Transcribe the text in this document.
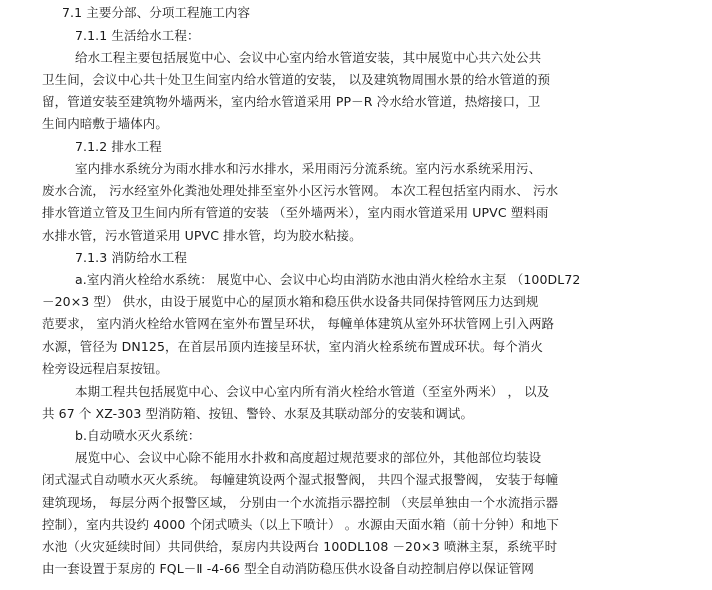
7.1 主要分部、分项工程施工内容
7.1.1 生活给水工程：
给水工程主要包括展览中心、会议中心室内给水管道安装，其中展览中心共六处公共
卫生间，会议中心共十处卫生间室内给水管道的安装， 以及建筑物周围水景的给水管道的预
留，管道安装至建筑物外墙两米，室内给水管道采用 PP－R 冷水给水管道，热熔接口，卫
生间内暗敷于墙体内。
7.1.2 排水工程
室内排水系统分为雨水排水和污水排水，采用雨污分流系统。室内污水系统采用污、
废水合流， 污水经室外化粪池处理处排至室外小区污水管网。 本次工程包括室内雨水、 污水
排水管道立管及卫生间内所有管道的安装 （至外墙两米），室内雨水管道采用 UPVC 塑料雨
水排水管，污水管道采用 UPVC 排水管，均为胶水粘接。
7.1.3 消防给水工程
a.室内消火栓给水系统： 展览中心、会议中心均由消防水池由消火栓给水主泵 （100DL72
－20×3 型） 供水，由设于展览中心的屋顶水箱和稳压供水设备共同保持管网压力达到规
范要求， 室内消火栓给水管网在室外布置呈环状， 每幢单体建筑从室外环状管网上引入两路
水源，管径为 DN125，在首层吊顶内连接呈环状，室内消火栓系统布置成环状。每个消火
栓旁设远程启泵按钮。
本期工程共包括展览中心、会议中心室内所有消火栓给水管道（至室外两米） ， 以及
共 67 个 XZ-303 型消防箱、按钮、警铃、水泵及其联动部分的安装和调试。
b.自动喷水灭火系统：
展览中心、会议中心除不能用水扑救和高度超过规范要求的部位外，其他部位均装设
闭式湿式自动喷水灭火系统。 每幢建筑设两个湿式报警阀， 共四个湿式报警阀， 安装于每幢
建筑现场， 每层分两个报警区域， 分别由一个水流指示器控制 （夹层单独由一个水流指示器
控制），室内共设约 4000 个闭式喷头（以上下喷计） 。水源由天面水箱（前十分钟）和地下
水池（火灾延续时间）共同供给，泵房内共设两台 100DL108 －20×3 喷淋主泵，系统平时
由一套设置于泵房的 FQL－Ⅱ -4-66 型全自动消防稳压供水设备自动控制启停以保证管网
